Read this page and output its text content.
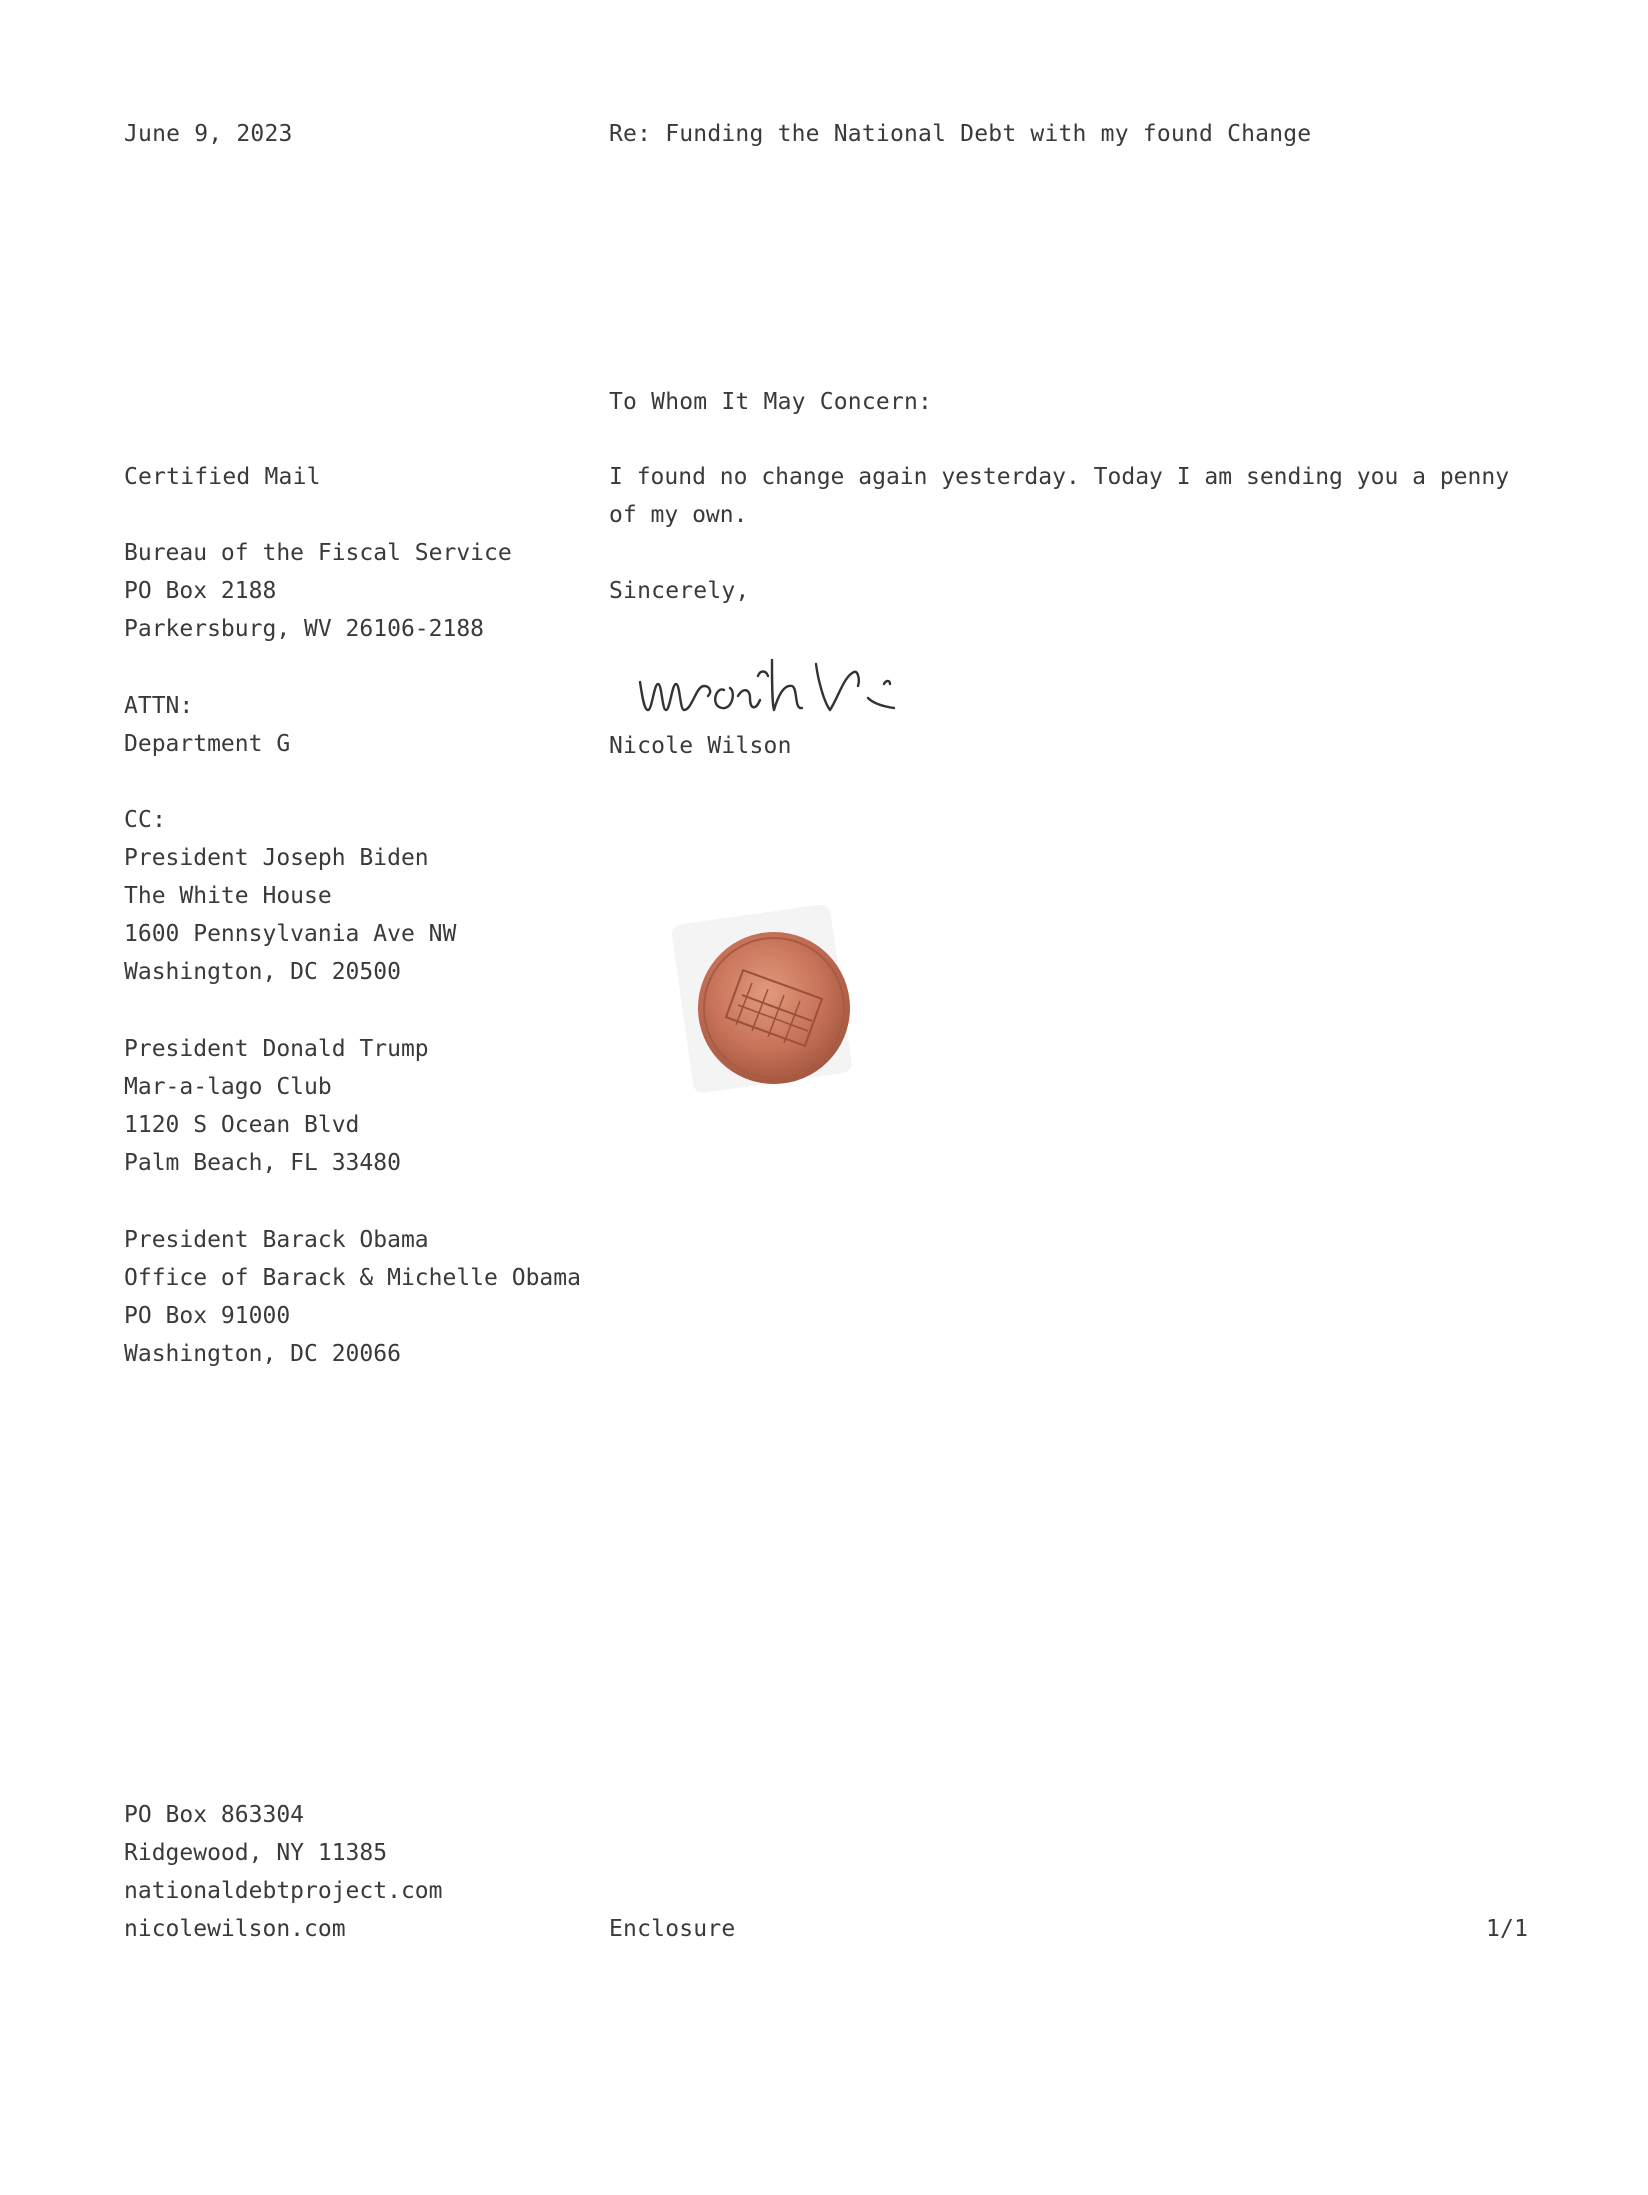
June 9, 2023	Re: Funding the National Debt with my found Change
To Whom It May Concern:
I found no change again yesterday. Today I am sending you a penny
of my own.
Sincerely,
Nicole Wilson
Certified Mail
Bureau of the Fiscal Service
PO Box 2188
Parkersburg, WV 26106-2188
ATTN:
Department G
CC:
President Joseph Biden
The White House
1600 Pennsylvania Ave NW
Washington, DC 20500
President Donald Trump
Mar-a-lago Club
1120 S Ocean Blvd
Palm Beach, FL 33480
President Barack Obama
Office of Barack & Michelle Obama
PO Box 91000
Washington, DC 20066
PO Box 863304
Ridgewood, NY 11385
nationaldebtproject.com
nicolewilson.com	Enclosure	1/1
